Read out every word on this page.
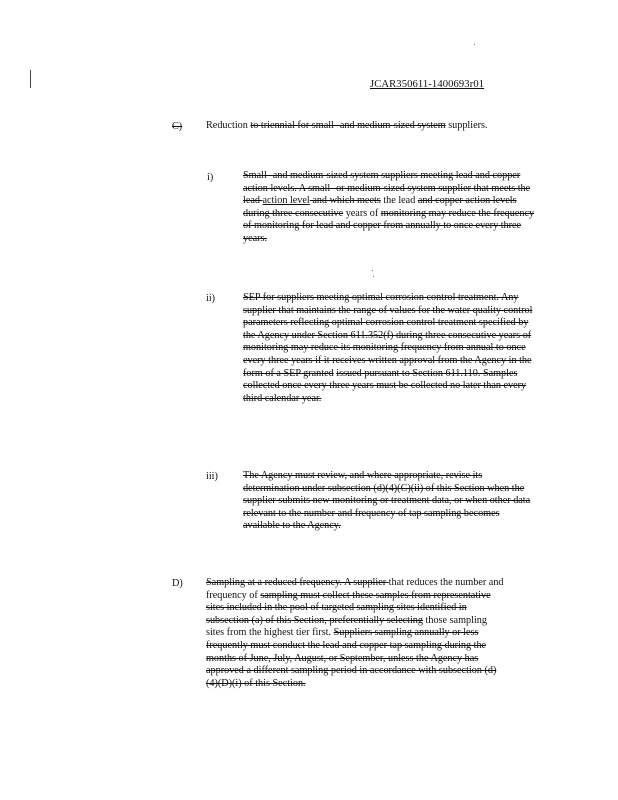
JCAR350611-1400693r01
C) Reduction to triennial for small- and medium-sized system suppliers.
i)	Small- and medium-sized system suppliers meeting lead and copper action levels. A small- or medium-sized system supplier that meets the lead action level and which meets the lead and copper action levels during three consecutive years of monitoring may reduce the frequency of monitoring for lead and copper from annually to once every three years.
ii)	SEP for suppliers meeting optimal corrosion control treatment. Any supplier that maintains the range of values for the water quality control parameters reflecting optimal corrosion control treatment specified by the Agency under Section 611.352(f) during three consecutive years of monitoring may reduce its monitoring frequency from annual to once every three years if it receives written approval from the Agency in the form of a SEP granted issued pursuant to Section 611.110. Samples collected once every three years must be collected no later than every third calendar year.
iii) The Agency must review, and where appropriate, revise its determination under subsection (d)(4)(C)(ii) of this Section when the supplier submits new monitoring or treatment data, or when other data relevant to the number and frequency of tap sampling becomes available to the Agency.
D) Sampling at a reduced frequency. A supplier that reduces the number and frequency of sampling must collect these samples from representative sites included in the pool of targeted sampling sites identified in subsection (a) of this Section, preferentially selecting those sampling sites from the highest tier first. Suppliers sampling annually or less frequently must conduct the lead and copper tap sampling during the months of June, July, August, or September, unless the Agency has approved a different sampling period in accordance with subsection (d)(4)(D)(i) of this Section.
